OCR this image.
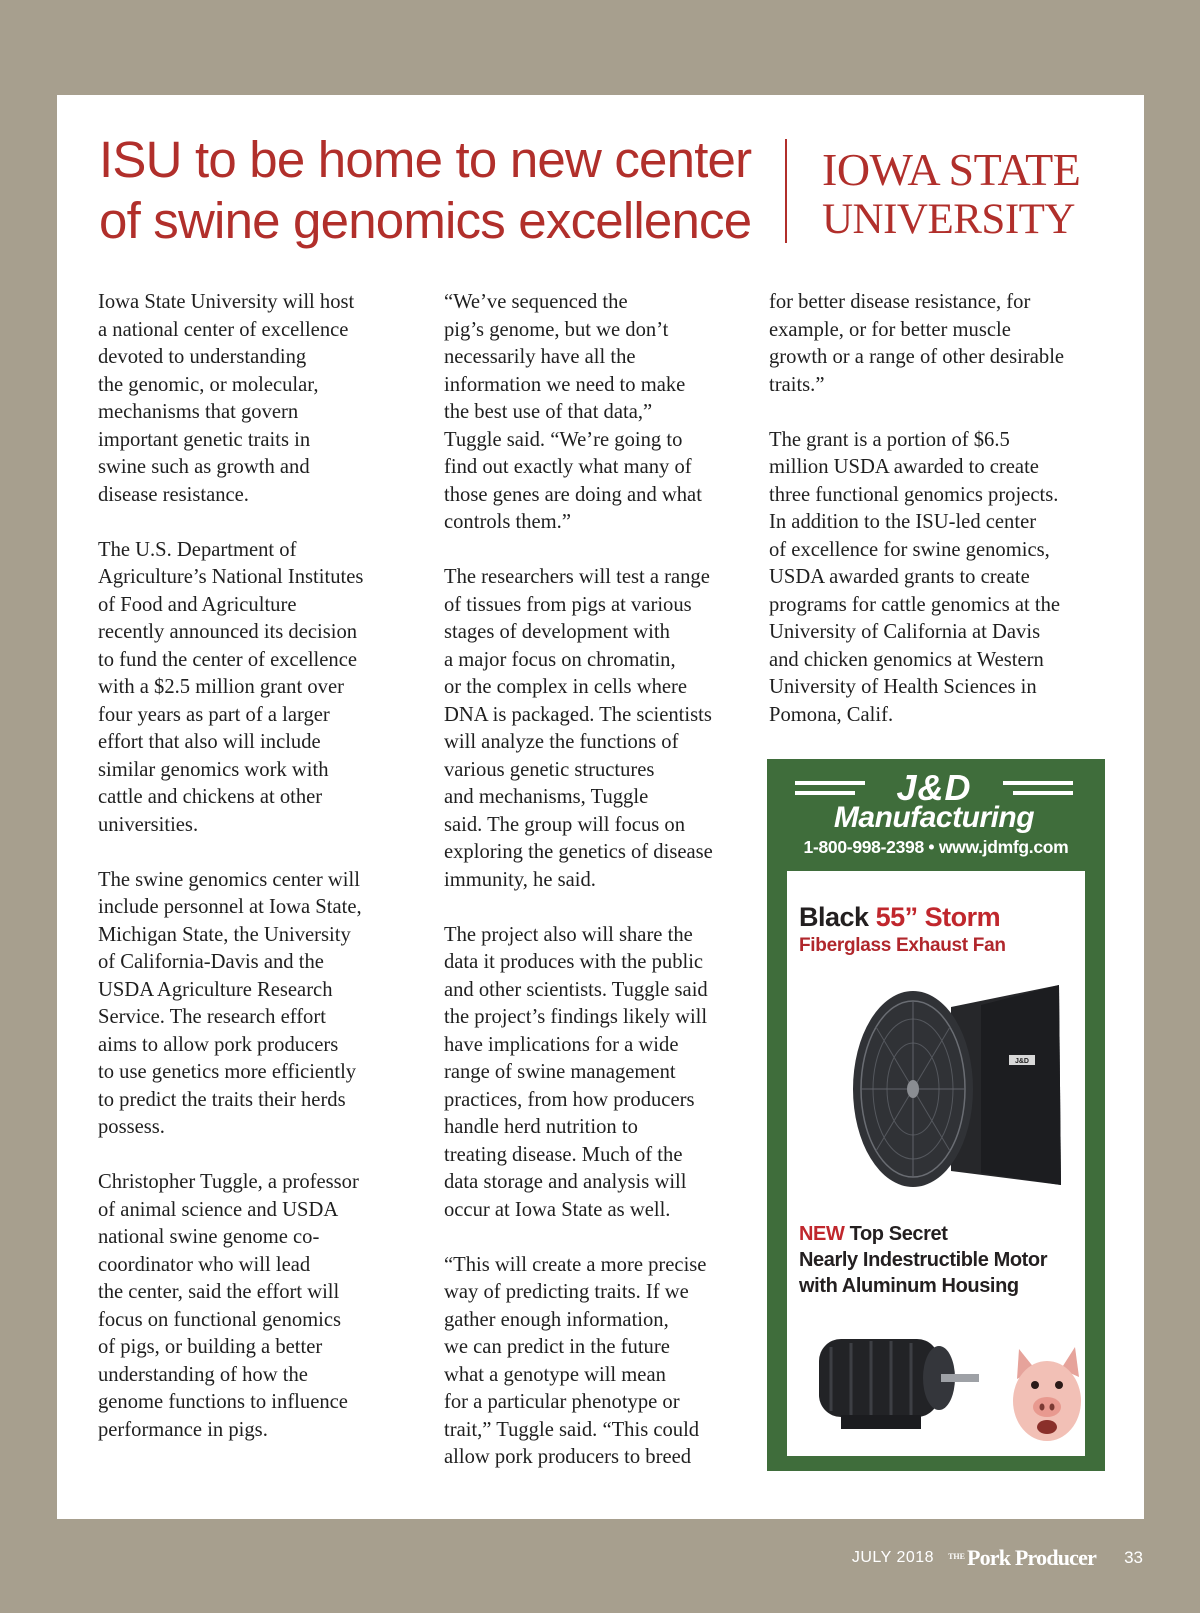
ISU to be home to new center
of swine genomics excellence
IOWA STATE
UNIVERSITY

Iowa State University will host
a national center of excellence
devoted to understanding
the genomic, or molecular,
mechanisms that govern
important genetic traits in
swine such as growth and
disease resistance.

The U.S. Department of
Agriculture’s National Institutes
of Food and Agriculture
recently announced its decision
to fund the center of excellence
with a $2.5 million grant over
four years as part of a larger
effort that also will include
similar genomics work with
cattle and chickens at other
universities.

The swine genomics center will
include personnel at Iowa State,
Michigan State, the University
of California-Davis and the
USDA Agriculture Research
Service. The research effort
aims to allow pork producers
to use genetics more efficiently
to predict the traits their herds
possess.

Christopher Tuggle, a professor
of animal science and USDA
national swine genome co-
coordinator who will lead
the center, said the effort will
focus on functional genomics
of pigs, or building a better
understanding of how the
genome functions to influence
performance in pigs.

“We’ve sequenced the
pig’s genome, but we don’t
necessarily have all the
information we need to make
the best use of that data,”
Tuggle said. “We’re going to
find out exactly what many of
those genes are doing and what
controls them.”

The researchers will test a range
of tissues from pigs at various
stages of development with
a major focus on chromatin,
or the complex in cells where
DNA is packaged. The scientists
will analyze the functions of
various genetic structures
and mechanisms, Tuggle
said. The group will focus on
exploring the genetics of disease
immunity, he said.

The project also will share the
data it produces with the public
and other scientists. Tuggle said
the project’s findings likely will
have implications for a wide
range of swine management
practices, from how producers
handle herd nutrition to
treating disease. Much of the
data storage and analysis will
occur at Iowa State as well.

“This will create a more precise
way of predicting traits. If we
gather enough information,
we can predict in the future
what a genotype will mean
for a particular phenotype or
trait,” Tuggle said. “This could
allow pork producers to breed

for better disease resistance, for
example, or for better muscle
growth or a range of other desirable
traits.”

The grant is a portion of $6.5
million USDA awarded to create
three functional genomics projects.
In addition to the ISU-led center
of excellence for swine genomics,
USDA awarded grants to create
programs for cattle genomics at the
University of California at Davis
and chicken genomics at Western
University of Health Sciences in
Pomona, Calif.

J&D
Manufacturing
1-800-998-2398 • www.jdmfg.com
Black 55” Storm
Fiberglass Exhaust Fan
J&D
NEW Top Secret
Nearly Indestructible Motor
with Aluminum Housing
JULY 2018 $^{THE}$Pork Producer 33
